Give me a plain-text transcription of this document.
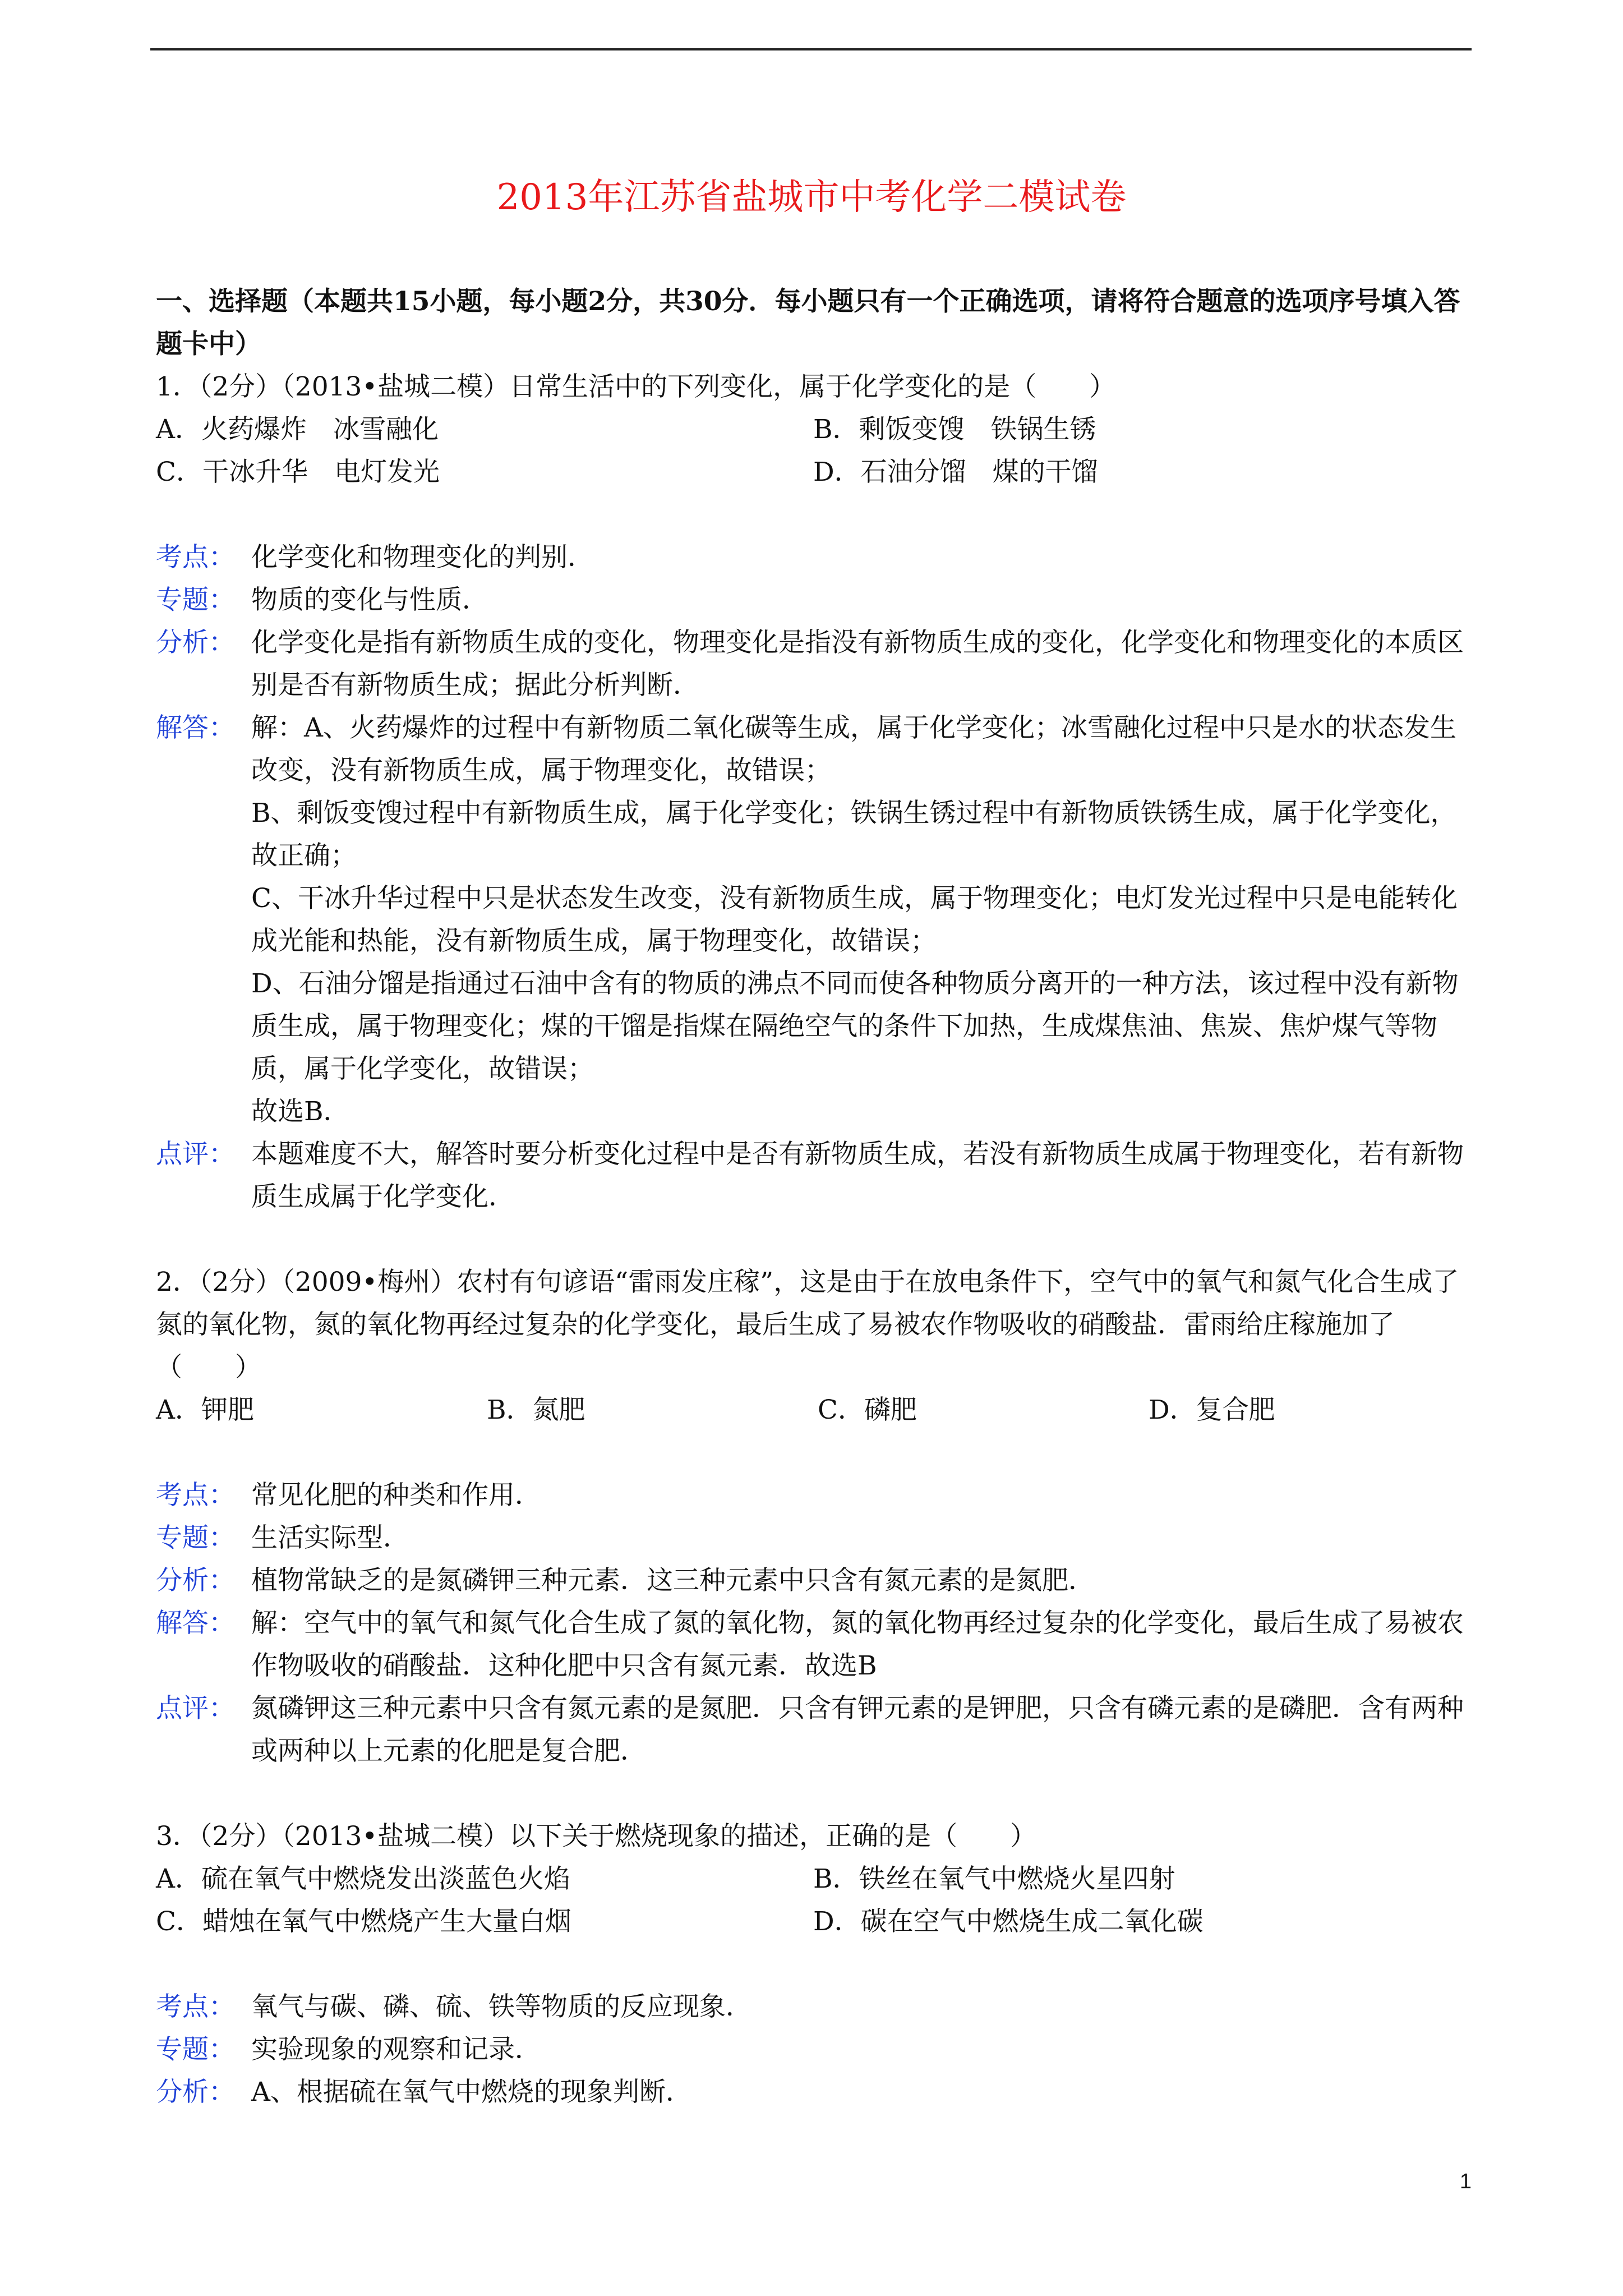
2013年江苏省盐城市中考化学二模试卷

一、选择题（本题共15小题，每小题2分，共30分．每小题只有一个正确选项，请将符合题意的选项序号填入答题卡中）

1．（2分）（2013•盐城二模）日常生活中的下列变化，属于化学变化的是（　　）

A．火药爆炸　冰雪融化	B．剩饭变馊　铁锅生锈
C．干冰升华　电灯发光	D．石油分馏　煤的干馏
考点： 化学变化和物理变化的判别．

专题： 物质的变化与性质．

分析： 化学变化是指有新物质生成的变化，物理变化是指没有新物质生成的变化，化学变化和物理变化的本质区别是否有新物质生成；据此分析判断．

解答： 解：A、火药爆炸的过程中有新物质二氧化碳等生成，属于化学变化；冰雪融化过程中只是水的状态发生改变，没有新物质生成，属于物理变化，故错误；

B、剩饭变馊过程中有新物质生成，属于化学变化；铁锅生锈过程中有新物质铁锈生成，属于化学变化，故正确；

C、干冰升华过程中只是状态发生改变，没有新物质生成，属于物理变化；电灯发光过程中只是电能转化成光能和热能，没有新物质生成，属于物理变化，故错误；

D、石油分馏是指通过石油中含有的物质的沸点不同而使各种物质分离开的一种方法，该过程中没有新物质生成，属于物理变化；煤的干馏是指煤在隔绝空气的条件下加热，生成煤焦油、焦炭、焦炉煤气等物质，属于化学变化，故错误；

故选B．

点评： 本题难度不大，解答时要分析变化过程中是否有新物质生成，若没有新物质生成属于物理变化，若有新物质生成属于化学变化．

2．（2分）（2009•梅州）农村有句谚语“雷雨发庄稼”，这是由于在放电条件下，空气中的氧气和氮气化合生成了氮的氧化物，氮的氧化物再经过复杂的化学变化，最后生成了易被农作物吸收的硝酸盐．雷雨给庄稼施加了（　　）

A．钾肥	B．氮肥	C．磷肥	D．复合肥
考点： 常见化肥的种类和作用．

专题： 生活实际型．

分析： 植物常缺乏的是氮磷钾三种元素．这三种元素中只含有氮元素的是氮肥．

解答： 解：空气中的氧气和氮气化合生成了氮的氧化物，氮的氧化物再经过复杂的化学变化，最后生成了易被农作物吸收的硝酸盐．这种化肥中只含有氮元素．故选B

点评： 氮磷钾这三种元素中只含有氮元素的是氮肥．只含有钾元素的是钾肥，只含有磷元素的是磷肥．含有两种或两种以上元素的化肥是复合肥．

3．（2分）（2013•盐城二模）以下关于燃烧现象的描述，正确的是（　　）

A．硫在氧气中燃烧发出淡蓝色火焰	B．铁丝在氧气中燃烧火星四射
C．蜡烛在氧气中燃烧产生大量白烟	D．碳在空气中燃烧生成二氧化碳
考点： 氧气与碳、磷、硫、铁等物质的反应现象．

专题： 实验现象的观察和记录．

分析： A、根据硫在氧气中燃烧的现象判断．

1
